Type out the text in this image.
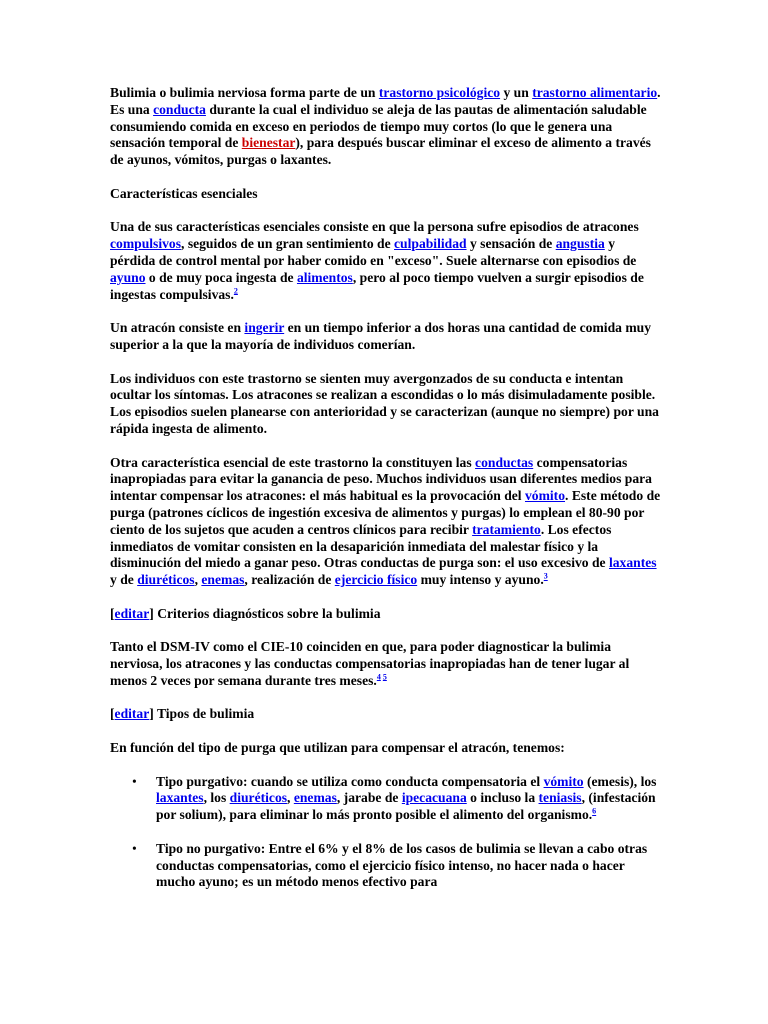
Bulimia o bulimia nerviosa forma parte de un trastorno psicológico y un trastorno alimentario. Es una conducta durante la cual el individuo se aleja de las pautas de alimentación saludable consumiendo comida en exceso en periodos de tiempo muy cortos (lo que le genera una sensación temporal de bienestar), para después buscar eliminar el exceso de alimento a través de ayunos, vómitos, purgas o laxantes.

Características esenciales

Una de sus características esenciales consiste en que la persona sufre episodios de atracones compulsivos, seguidos de un gran sentimiento de culpabilidad y sensación de angustia y pérdida de control mental por haber comido en "exceso". Suele alternarse con episodios de ayuno o de muy poca ingesta de alimentos, pero al poco tiempo vuelven a surgir episodios de ingestas compulsivas.$^2$

Un atracón consiste en ingerir en un tiempo inferior a dos horas una cantidad de comida muy superior a la que la mayoría de individuos comerían.

Los individuos con este trastorno se sienten muy avergonzados de su conducta e intentan ocultar los síntomas. Los atracones se realizan a escondidas o lo más disimuladamente posible. Los episodios suelen planearse con anterioridad y se caracterizan (aunque no siempre) por una rápida ingesta de alimento.

Otra característica esencial de este trastorno la constituyen las conductas compensatorias inapropiadas para evitar la ganancia de peso. Muchos individuos usan diferentes medios para intentar compensar los atracones: el más habitual es la provocación del vómito. Este método de purga (patrones cíclicos de ingestión excesiva de alimentos y purgas) lo emplean el 80-90 por ciento de los sujetos que acuden a centros clínicos para recibir tratamiento. Los efectos inmediatos de vomitar consisten en la desaparición inmediata del malestar físico y la disminución del miedo a ganar peso. Otras conductas de purga son: el uso excesivo de laxantes y de diuréticos, enemas, realización de ejercicio físico muy intenso y ayuno.$^3$

[editar] Criterios diagnósticos sobre la bulimia

Tanto el DSM-IV como el CIE-10 coinciden en que, para poder diagnosticar la bulimia nerviosa, los atracones y las conductas compensatorias inapropiadas han de tener lugar al menos 2 veces por semana durante tres meses.$^{4 5}$

[editar] Tipos de bulimia

En función del tipo de purga que utilizan para compensar el atracón, tenemos:

• Tipo purgativo: cuando se utiliza como conducta compensatoria el vómito (emesis), los laxantes, los diuréticos, enemas, jarabe de ipecacuana o incluso la teniasis, (infestación por solium), para eliminar lo más pronto posible el alimento del organismo.$^6$
• Tipo no purgativo: Entre el 6% y el 8% de los casos de bulimia se llevan a cabo otras conductas compensatorias, como el ejercicio físico intenso, no hacer nada o hacer mucho ayuno; es un método menos efectivo para
